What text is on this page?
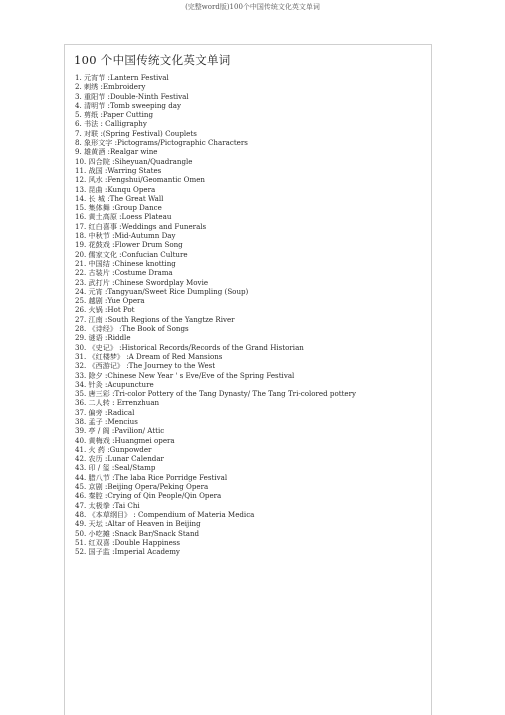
(完整word版)100个中国传统文化英文单词
100 个中国传统文化英文单词
1. 元宵节 :Lantern Festival
2. 刺绣 :Embroidery
3. 重阳节 :Double-Ninth Festival
4. 清明节 :Tomb sweeping day
5. 剪纸 :Paper Cutting
6. 书法 : Calligraphy
7. 对联 :(Spring Festival) Couplets
8. 象形文字 :Pictograms/Pictographic Characters
9. 雄黄酒 :Realgar wine
10. 四合院 :Siheyuan/Quadrangle
11. 战国 :Warring States
12. 风水 :Fengshui/Geomantic Omen
13. 昆曲 :Kunqu Opera
14. 长 城 :The Great Wall
15. 集体舞 :Group Dance
16. 黄土高原 :Loess Plateau
17. 红白喜事 :Weddings and Funerals
18. 中秋节 :Mid-Autumn Day
19. 花鼓戏 :Flower Drum Song
20. 儒家文化 :Confucian Culture
21. 中国结 :Chinese knotting
22. 古装片 :Costume Drama
23. 武打片 :Chinese Swordplay Movie
24. 元宵 :Tangyuan/Sweet Rice Dumpling (Soup)
25. 越剧 :Yue Opera
26. 火锅 :Hot Pot
27. 江南 :South Regions of the Yangtze River
28. 《诗经》 :The Book of Songs
29. 谜语 :Riddle
30. 《史记》 :Historical Records/Records of the Grand Historian
31. 《红楼梦》 :A Dream of Red Mansions
32. 《西游记》 :The Journey to the West
33. 除夕 :Chinese New Year ' s Eve/Eve of the Spring Festival
34. 针灸 :Acupuncture
35. 唐三彩 :Tri-color Pottery of the Tang Dynasty/ The Tang Tri-colored pottery
36. 二人转 : Errenzhuan
37. 偏旁 :Radical
38. 孟子 :Mencius
39. 亭 / 阁 :Pavilion/ Attic
40. 黄梅戏 :Huangmei opera
41. 火 药 :Gunpowder
42. 农历 :Lunar Calendar
43. 印 / 玺 :Seal/Stamp
44. 腊八节 :The laba Rice Porridge Festival
45. 京剧 :Beijing Opera/Peking Opera
46. 秦腔 :Crying of Qin People/Qin Opera
47. 太极拳 :Tai Chi
48. 《本草纲目》 : Compendium of Materia Medica
49. 天坛 :Altar of Heaven in Beijing
50. 小吃摊 :Snack Bar/Snack Stand
51. 红双喜 :Double Happiness
52. 国子监 :Imperial Academy
